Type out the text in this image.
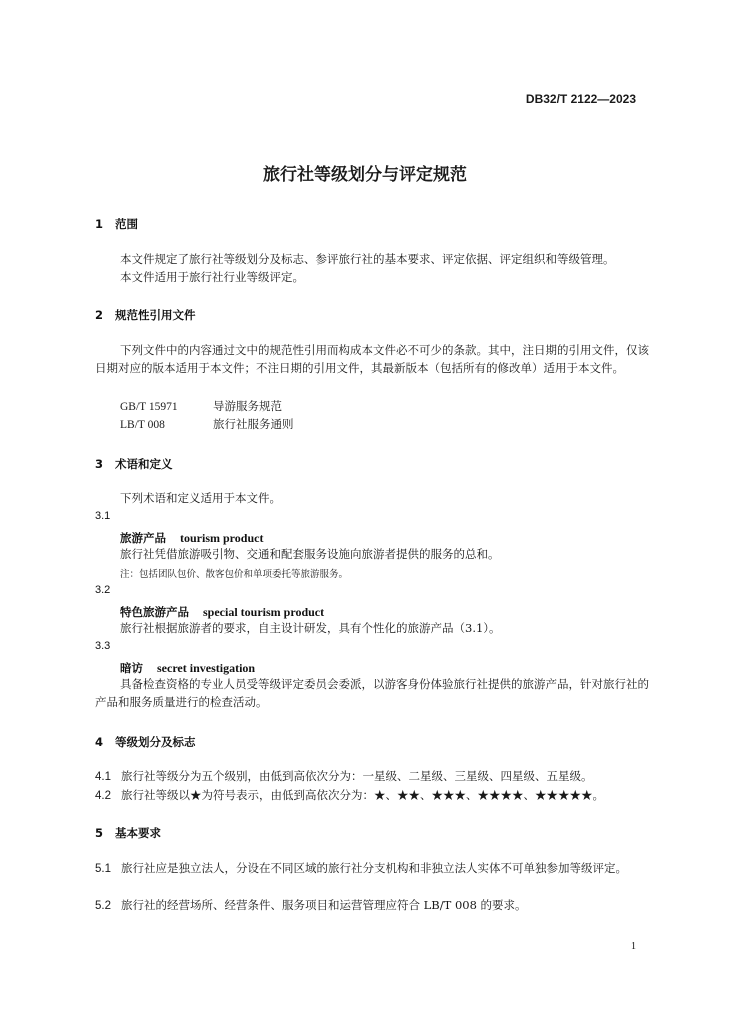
DB32/T 2122—2023
旅行社等级划分与评定规范
1 范围
本文件规定了旅行社等级划分及标志、参评旅行社的基本要求、评定依据、评定组织和等级管理。
本文件适用于旅行社行业等级评定。
2 规范性引用文件
下列文件中的内容通过文中的规范性引用而构成本文件必不可少的条款。其中，注日期的引用文件，仅该日期对应的版本适用于本文件；不注日期的引用文件，其最新版本（包括所有的修改单）适用于本文件。
GB/T 15971	导游服务规范
LB/T 008	旅行社服务通则
3 术语和定义
下列术语和定义适用于本文件。
3.1
旅游产品 tourism product
旅行社凭借旅游吸引物、交通和配套服务设施向旅游者提供的服务的总和。
注：包括团队包价、散客包价和单项委托等旅游服务。
3.2
特色旅游产品 special tourism product
旅行社根据旅游者的要求，自主设计研发，具有个性化的旅游产品（3.1）。
3.3
暗访 secret investigation
具备检查资格的专业人员受等级评定委员会委派，以游客身份体验旅行社提供的旅游产品，针对旅行社的产品和服务质量进行的检查活动。
4 等级划分及标志
4.1 旅行社等级分为五个级别，由低到高依次分为：一星级、二星级、三星级、四星级、五星级。
4.2 旅行社等级以★为符号表示，由低到高依次分为：★、★★、★★★、★★★★、★★★★★。
5 基本要求
5.1 旅行社应是独立法人，分设在不同区域的旅行社分支机构和非独立法人实体不可单独参加等级评定。
5.2 旅行社的经营场所、经营条件、服务项目和运营管理应符合 LB/T 008 的要求。
1
